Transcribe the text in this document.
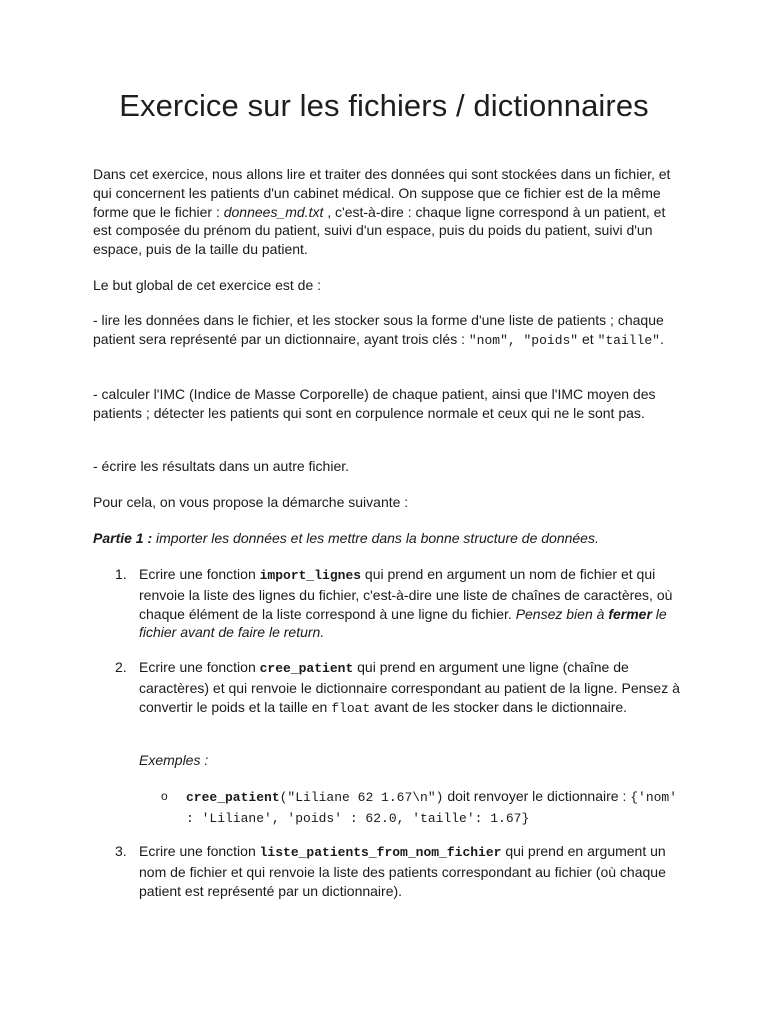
Exercice sur les fichiers / dictionnaires

Dans cet exercice, nous allons lire et traiter des données qui sont stockées dans un fichier, et qui concernent les patients d'un cabinet médical. On suppose que ce fichier est de la même forme que le fichier : donnees_md.txt , c'est-à-dire : chaque ligne correspond à un patient, et est composée du prénom du patient, suivi d'un espace, puis du poids du patient, suivi d'un espace, puis de la taille du patient.

Le but global de cet exercice est de :

- lire les données dans le fichier, et les stocker sous la forme d'une liste de patients ; chaque patient sera représenté par un dictionnaire, ayant trois clés : "nom", "poids" et "taille".

- calculer l'IMC (Indice de Masse Corporelle) de chaque patient, ainsi que l'IMC moyen des patients ; détecter les patients qui sont en corpulence normale et ceux qui ne le sont pas.

- écrire les résultats dans un autre fichier.

Pour cela, on vous propose la démarche suivante :

Partie 1 : importer les données et les mettre dans la bonne structure de données.

1. Ecrire une fonction import_lignes qui prend en argument un nom de fichier et qui renvoie la liste des lignes du fichier, c'est-à-dire une liste de chaînes de caractères, où chaque élément de la liste correspond à une ligne du fichier. Pensez bien à fermer le fichier avant de faire le return.

2. Ecrire une fonction cree_patient qui prend en argument une ligne (chaîne de caractères) et qui renvoie le dictionnaire correspondant au patient de la ligne. Pensez à convertir le poids et la taille en float avant de les stocker dans le dictionnaire.

Exemples :

o cree_patient("Liliane 62 1.67\n") doit renvoyer le dictionnaire : {'nom' : 'Liliane', 'poids' : 62.0, 'taille': 1.67}

3. Ecrire une fonction liste_patients_from_nom_fichier qui prend en argument un nom de fichier et qui renvoie la liste des patients correspondant au fichier (où chaque patient est représenté par un dictionnaire).
